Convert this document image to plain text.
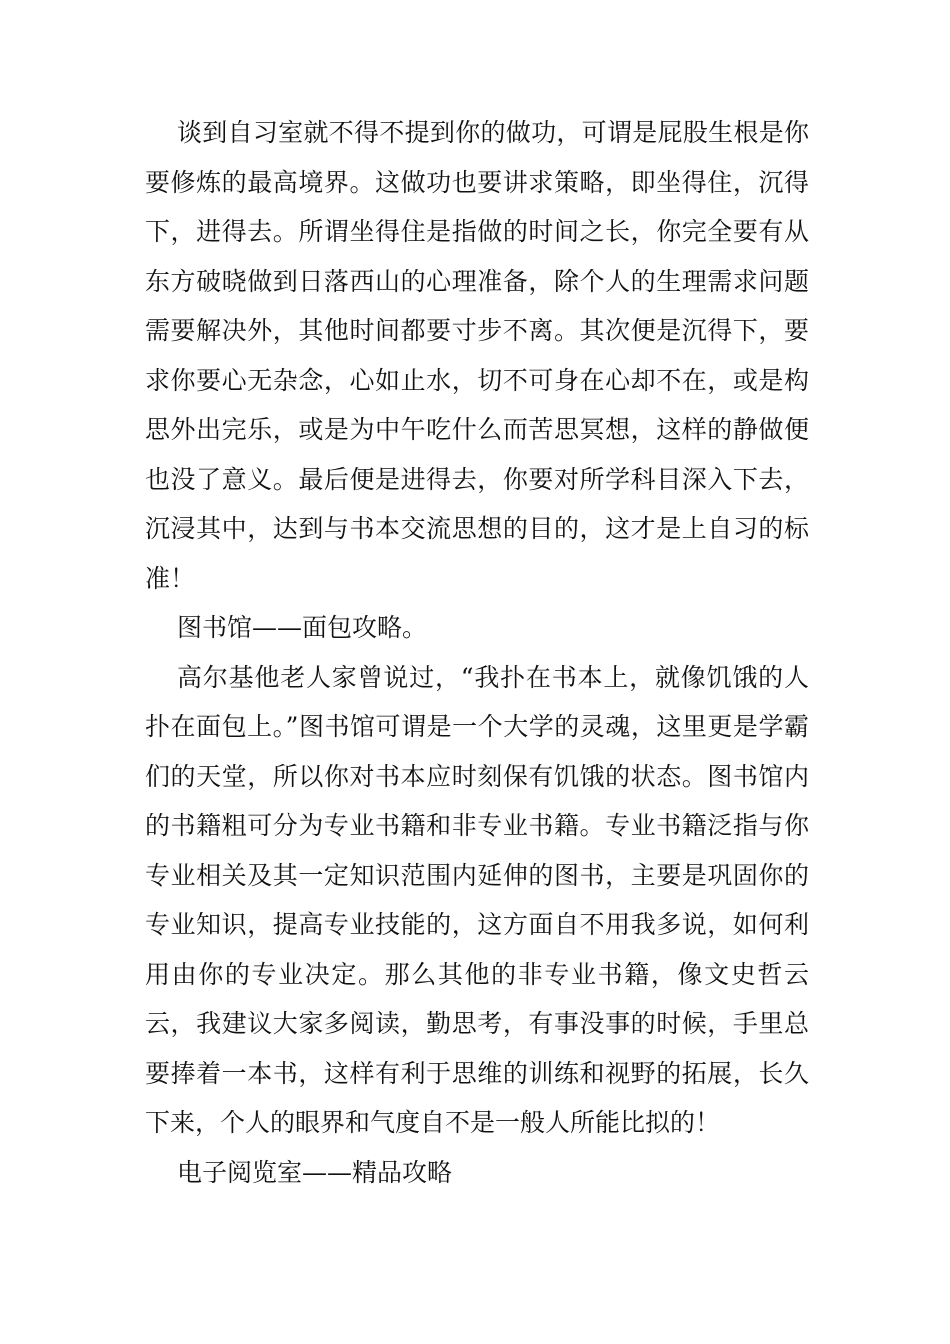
谈到自习室就不得不提到你的做功，可谓是屁股生根是你要修炼的最高境界。这做功也要讲求策略，即坐得住，沉得下，进得去。所谓坐得住是指做的时间之长，你完全要有从东方破晓做到日落西山的心理准备，除个人的生理需求问题需要解决外，其他时间都要寸步不离。其次便是沉得下，要求你要心无杂念，心如止水，切不可身在心却不在，或是构思外出完乐，或是为中午吃什么而苦思冥想，这样的静做便也没了意义。最后便是进得去，你要对所学科目深入下去，沉浸其中，达到与书本交流思想的目的，这才是上自习的标准！

图书馆——面包攻略。

高尔基他老人家曾说过，“我扑在书本上，就像饥饿的人扑在面包上。”图书馆可谓是一个大学的灵魂，这里更是学霸们的天堂，所以你对书本应时刻保有饥饿的状态。图书馆内的书籍粗可分为专业书籍和非专业书籍。专业书籍泛指与你专业相关及其一定知识范围内延伸的图书，主要是巩固你的专业知识，提高专业技能的，这方面自不用我多说，如何利用由你的专业决定。那么其他的非专业书籍，像文史哲云云，我建议大家多阅读，勤思考，有事没事的时候，手里总要捧着一本书，这样有利于思维的训练和视野的拓展，长久下来，个人的眼界和气度自不是一般人所能比拟的！

电子阅览室——精品攻略
